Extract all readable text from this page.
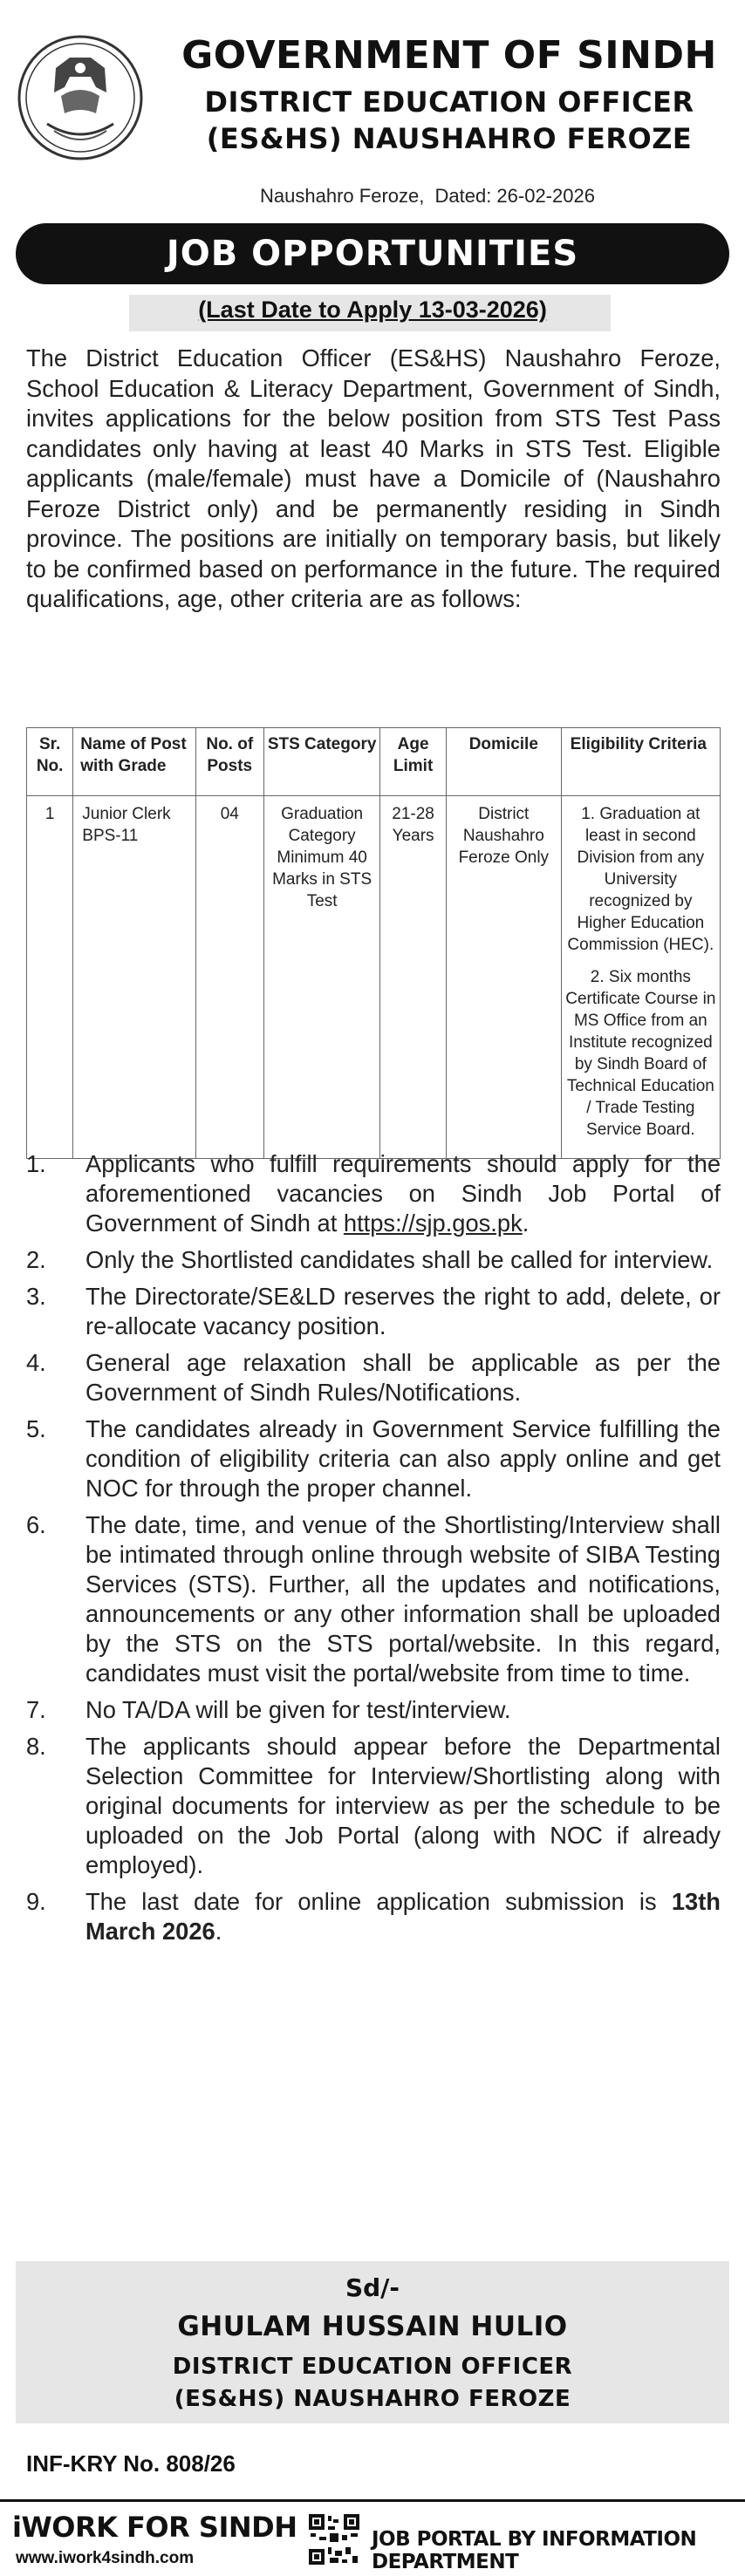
GOVERNMENT OF SINDH
DISTRICT EDUCATION OFFICER
(ES&HS) NAUSHAHRO FEROZE
Naushahro Feroze, Dated: 26-02-2026
JOB OPPORTUNITIES
(Last Date to Apply 13-03-2026)

The District Education Officer (ES&HS) Naushahro Feroze, School Education & Literacy Department, Government of Sindh, invites applications for the below position from STS Test Pass candidates only having at least 40 Marks in STS Test. Eligible applicants (male/female) must have a Domicile of (Naushahro Feroze District only) and be permanently residing in Sindh province. The positions are initially on temporary basis, but likely to be confirmed based on performance in the future. The required qualifications, age, other criteria are as follows:

Sr. No.	Name of Post with Grade	No. of Posts	STS Category	Age Limit	Domicile	Eligibility Criteria
1	Junior Clerk BPS-11	04	Graduation Category Minimum 40 Marks in STS Test	21-28 Years	District Naushahro Feroze Only	1. Graduation at least in second Division from any University recognized by Higher Education Commission (HEC).

2. Six months Certificate Course in MS Office from an Institute recognized by Sindh Board of Technical Education / Trade Testing Service Board.

1. Applicants who fulfill requirements should apply for the aforementioned vacancies on Sindh Job Portal of Government of Sindh at https://sjp.gos.pk.
2. Only the Shortlisted candidates shall be called for interview.
3. The Directorate/SE&LD reserves the right to add, delete, or re-allocate vacancy position.
4. General age relaxation shall be applicable as per the Government of Sindh Rules/Notifications.
5. The candidates already in Government Service fulfilling the condition of eligibility criteria can also apply online and get NOC for through the proper channel.
6. The date, time, and venue of the Shortlisting/Interview shall be intimated through online through website of SIBA Testing Services (STS). Further, all the updates and notifications, announcements or any other information shall be uploaded by the STS on the STS portal/website. In this regard, candidates must visit the portal/website from time to time.
7. No TA/DA will be given for test/interview.
8. The applicants should appear before the Departmental Selection Committee for Interview/Shortlisting along with original documents for interview as per the schedule to be uploaded on the Job Portal (along with NOC if already employed).
9. The last date for online application submission is 13th March 2026.
Sd/-
GHULAM HUSSAIN HULIO
DISTRICT EDUCATION OFFICER
(ES&HS) NAUSHAHRO FEROZE
INF-KRY No. 808/26
iWORK FOR SINDH
www.iwork4sindh.com
JOB PORTAL BY INFORMATION DEPARTMENT
